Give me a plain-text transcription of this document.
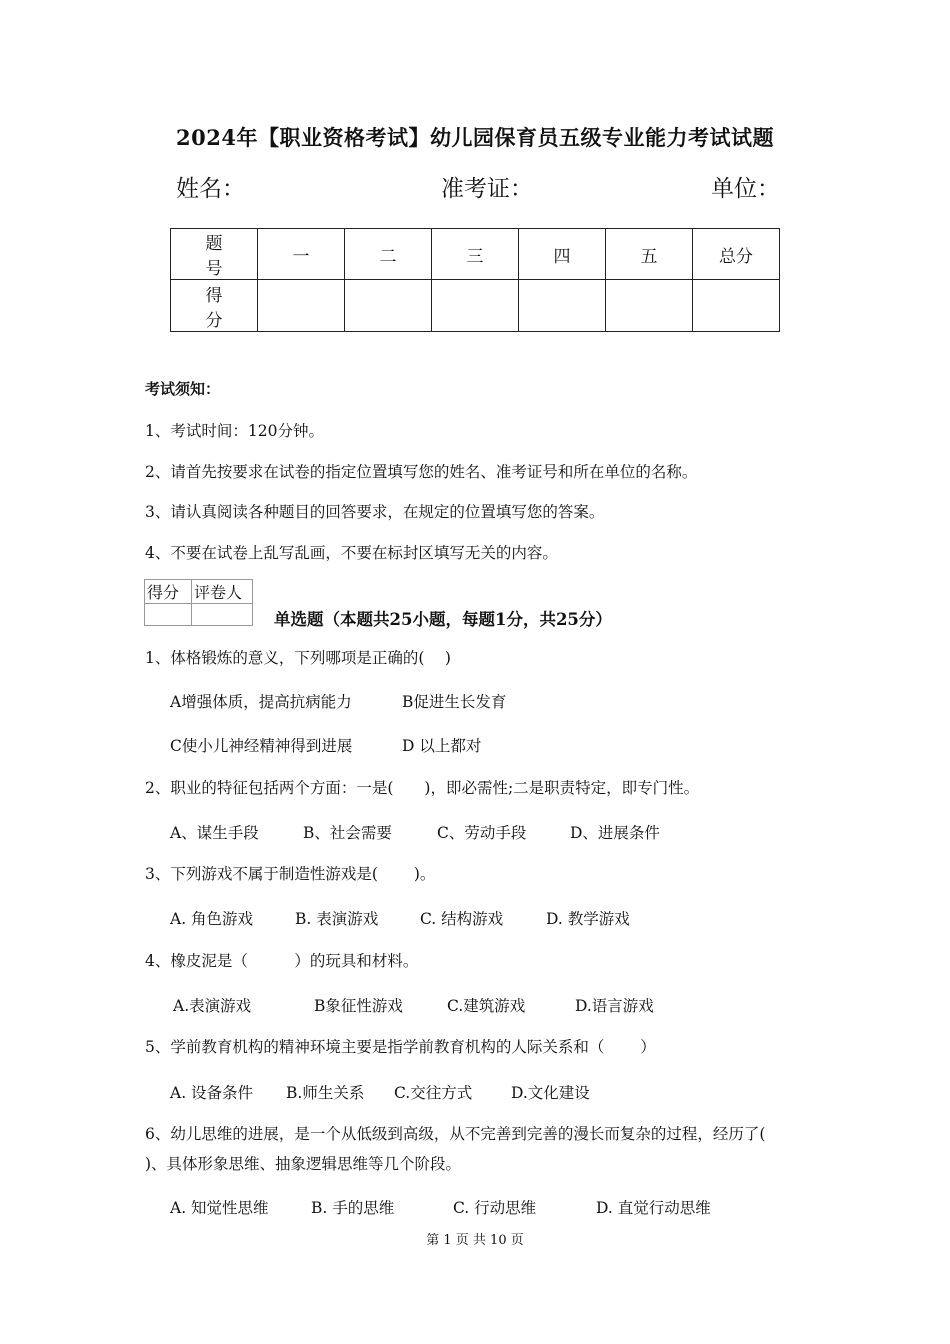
2024年【职业资格考试】幼儿园保育员五级专业能力考试试题
姓名：	准考证：	单位：
题　号	一	二	三	四	五	总分
得　分						
考试须知：
1、考试时间：120分钟。
2、请首先按要求在试卷的指定位置填写您的姓名、准考证号和所在单位的名称。
3、请认真阅读各种题目的回答要求，在规定的位置填写您的答案。
4、不要在试卷上乱写乱画，不要在标封区填写无关的内容。
得分	评卷人

单选题（本题共25小题，每题1分，共25分）
1、体格锻炼的意义，下列哪项是正确的(　 )
A增强体质，提高抗病能力	B促进生长发育
C使小儿神经精神得到进展	D 以上都对
2、职业的特征包括两个方面：一是(　　)，即必需性;二是职责特定，即专门性。
A、谋生手段	B、社会需要	C、劳动手段	D、进展条件
3、下列游戏不属于制造性游戏是(　　 )。
A. 角色游戏	B. 表演游戏	C. 结构游戏	D. 教学游戏
4、橡皮泥是（　　　）的玩具和材料。
A.表演游戏	B象征性游戏	C.建筑游戏	D.语言游戏
5、学前教育机构的精神环境主要是指学前教育机构的人际关系和（　　 ）
A. 设备条件 B.师生关系 C.交往方式	D.文化建设
6、幼儿思维的进展，是一个从低级到高级，从不完善到完善的漫长而复杂的过程，经历了(　　 )、具体形象思维、抽象逻辑思维等几个阶段。
A. 知觉性思维	B. 手的思维	C. 行动思维	D. 直觉行动思维
第 1 页 共 10 页
